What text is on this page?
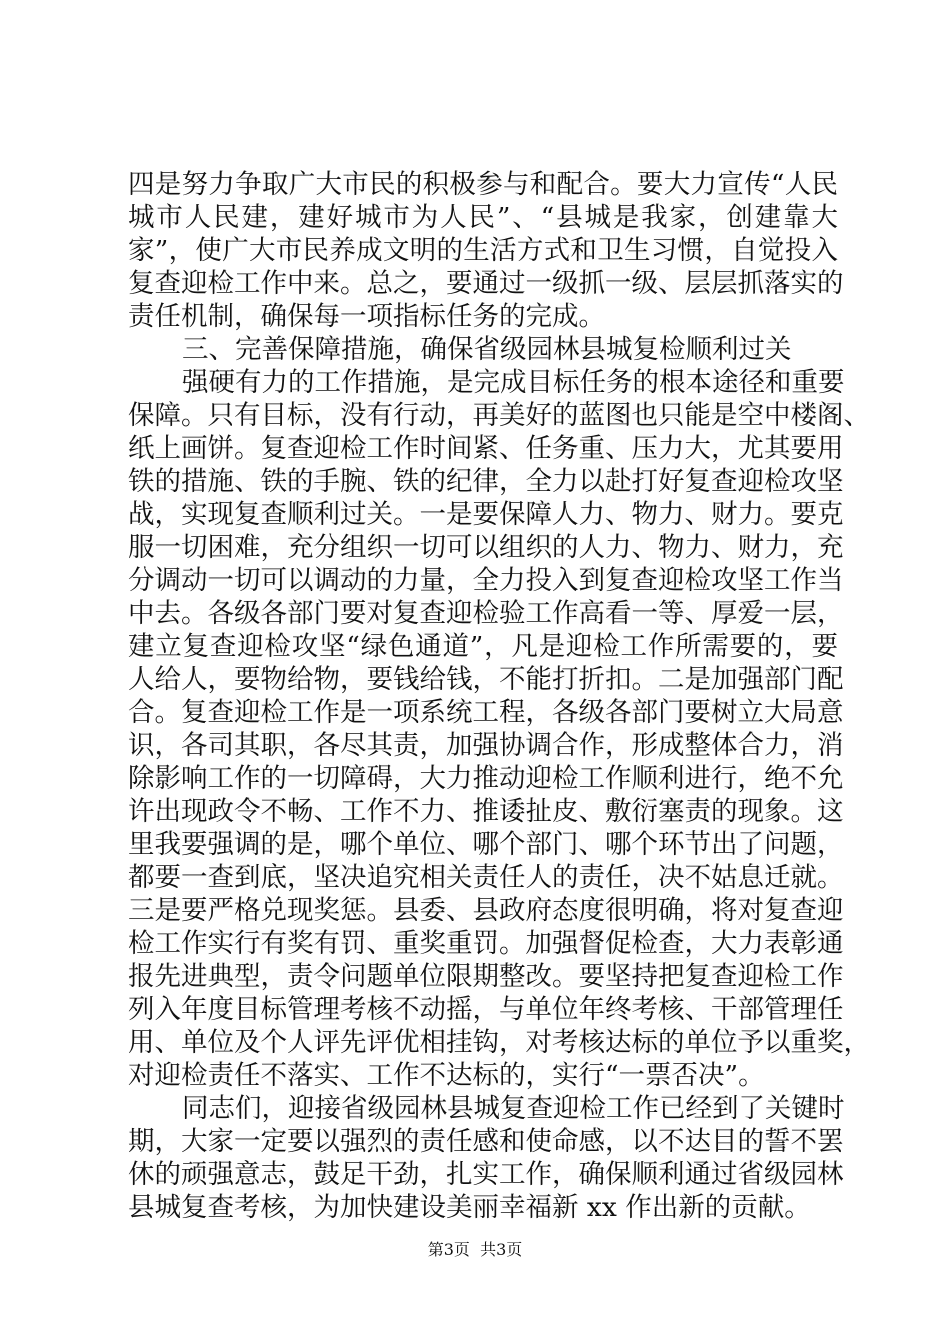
四是努力争取广大市民的积极参与和配合。要大力宣传“人民
城市人民建，建好城市为人民”、“县城是我家，创建靠大
家”，使广大市民养成文明的生活方式和卫生习惯，自觉投入
复查迎检工作中来。总之，要通过一级抓一级、层层抓落实的
责任机制，确保每一项指标任务的完成。
三、完善保障措施，确保省级园林县城复检顺利过关
强硬有力的工作措施，是完成目标任务的根本途径和重要
保障。只有目标，没有行动，再美好的蓝图也只能是空中楼阁、
纸上画饼。复查迎检工作时间紧、任务重、压力大，尤其要用
铁的措施、铁的手腕、铁的纪律，全力以赴打好复查迎检攻坚
战，实现复查顺利过关。一是要保障人力、物力、财力。要克
服一切困难，充分组织一切可以组织的人力、物力、财力，充
分调动一切可以调动的力量，全力投入到复查迎检攻坚工作当
中去。各级各部门要对复查迎检验工作高看一等、厚爱一层，
建立复查迎检攻坚“绿色通道”，凡是迎检工作所需要的，要
人给人，要物给物，要钱给钱，不能打折扣。二是加强部门配
合。复查迎检工作是一项系统工程，各级各部门要树立大局意
识，各司其职，各尽其责，加强协调合作，形成整体合力，消
除影响工作的一切障碍，大力推动迎检工作顺利进行，绝不允
许出现政令不畅、工作不力、推诿扯皮、敷衍塞责的现象。这
里我要强调的是，哪个单位、哪个部门、哪个环节出了问题，
都要一查到底，坚决追究相关责任人的责任，决不姑息迁就。
三是要严格兑现奖惩。县委、县政府态度很明确，将对复查迎
检工作实行有奖有罚、重奖重罚。加强督促检查，大力表彰通
报先进典型，责令问题单位限期整改。要坚持把复查迎检工作
列入年度目标管理考核不动摇，与单位年终考核、干部管理任
用、单位及个人评先评优相挂钩，对考核达标的单位予以重奖，
对迎检责任不落实、工作不达标的，实行“一票否决”。
同志们，迎接省级园林县城复查迎检工作已经到了关键时
期，大家一定要以强烈的责任感和使命感，以不达目的誓不罢
休的顽强意志，鼓足干劲，扎实工作，确保顺利通过省级园林
县城复查考核，为加快建设美丽幸福新 xx 作出新的贡献。
第3页 共3页
